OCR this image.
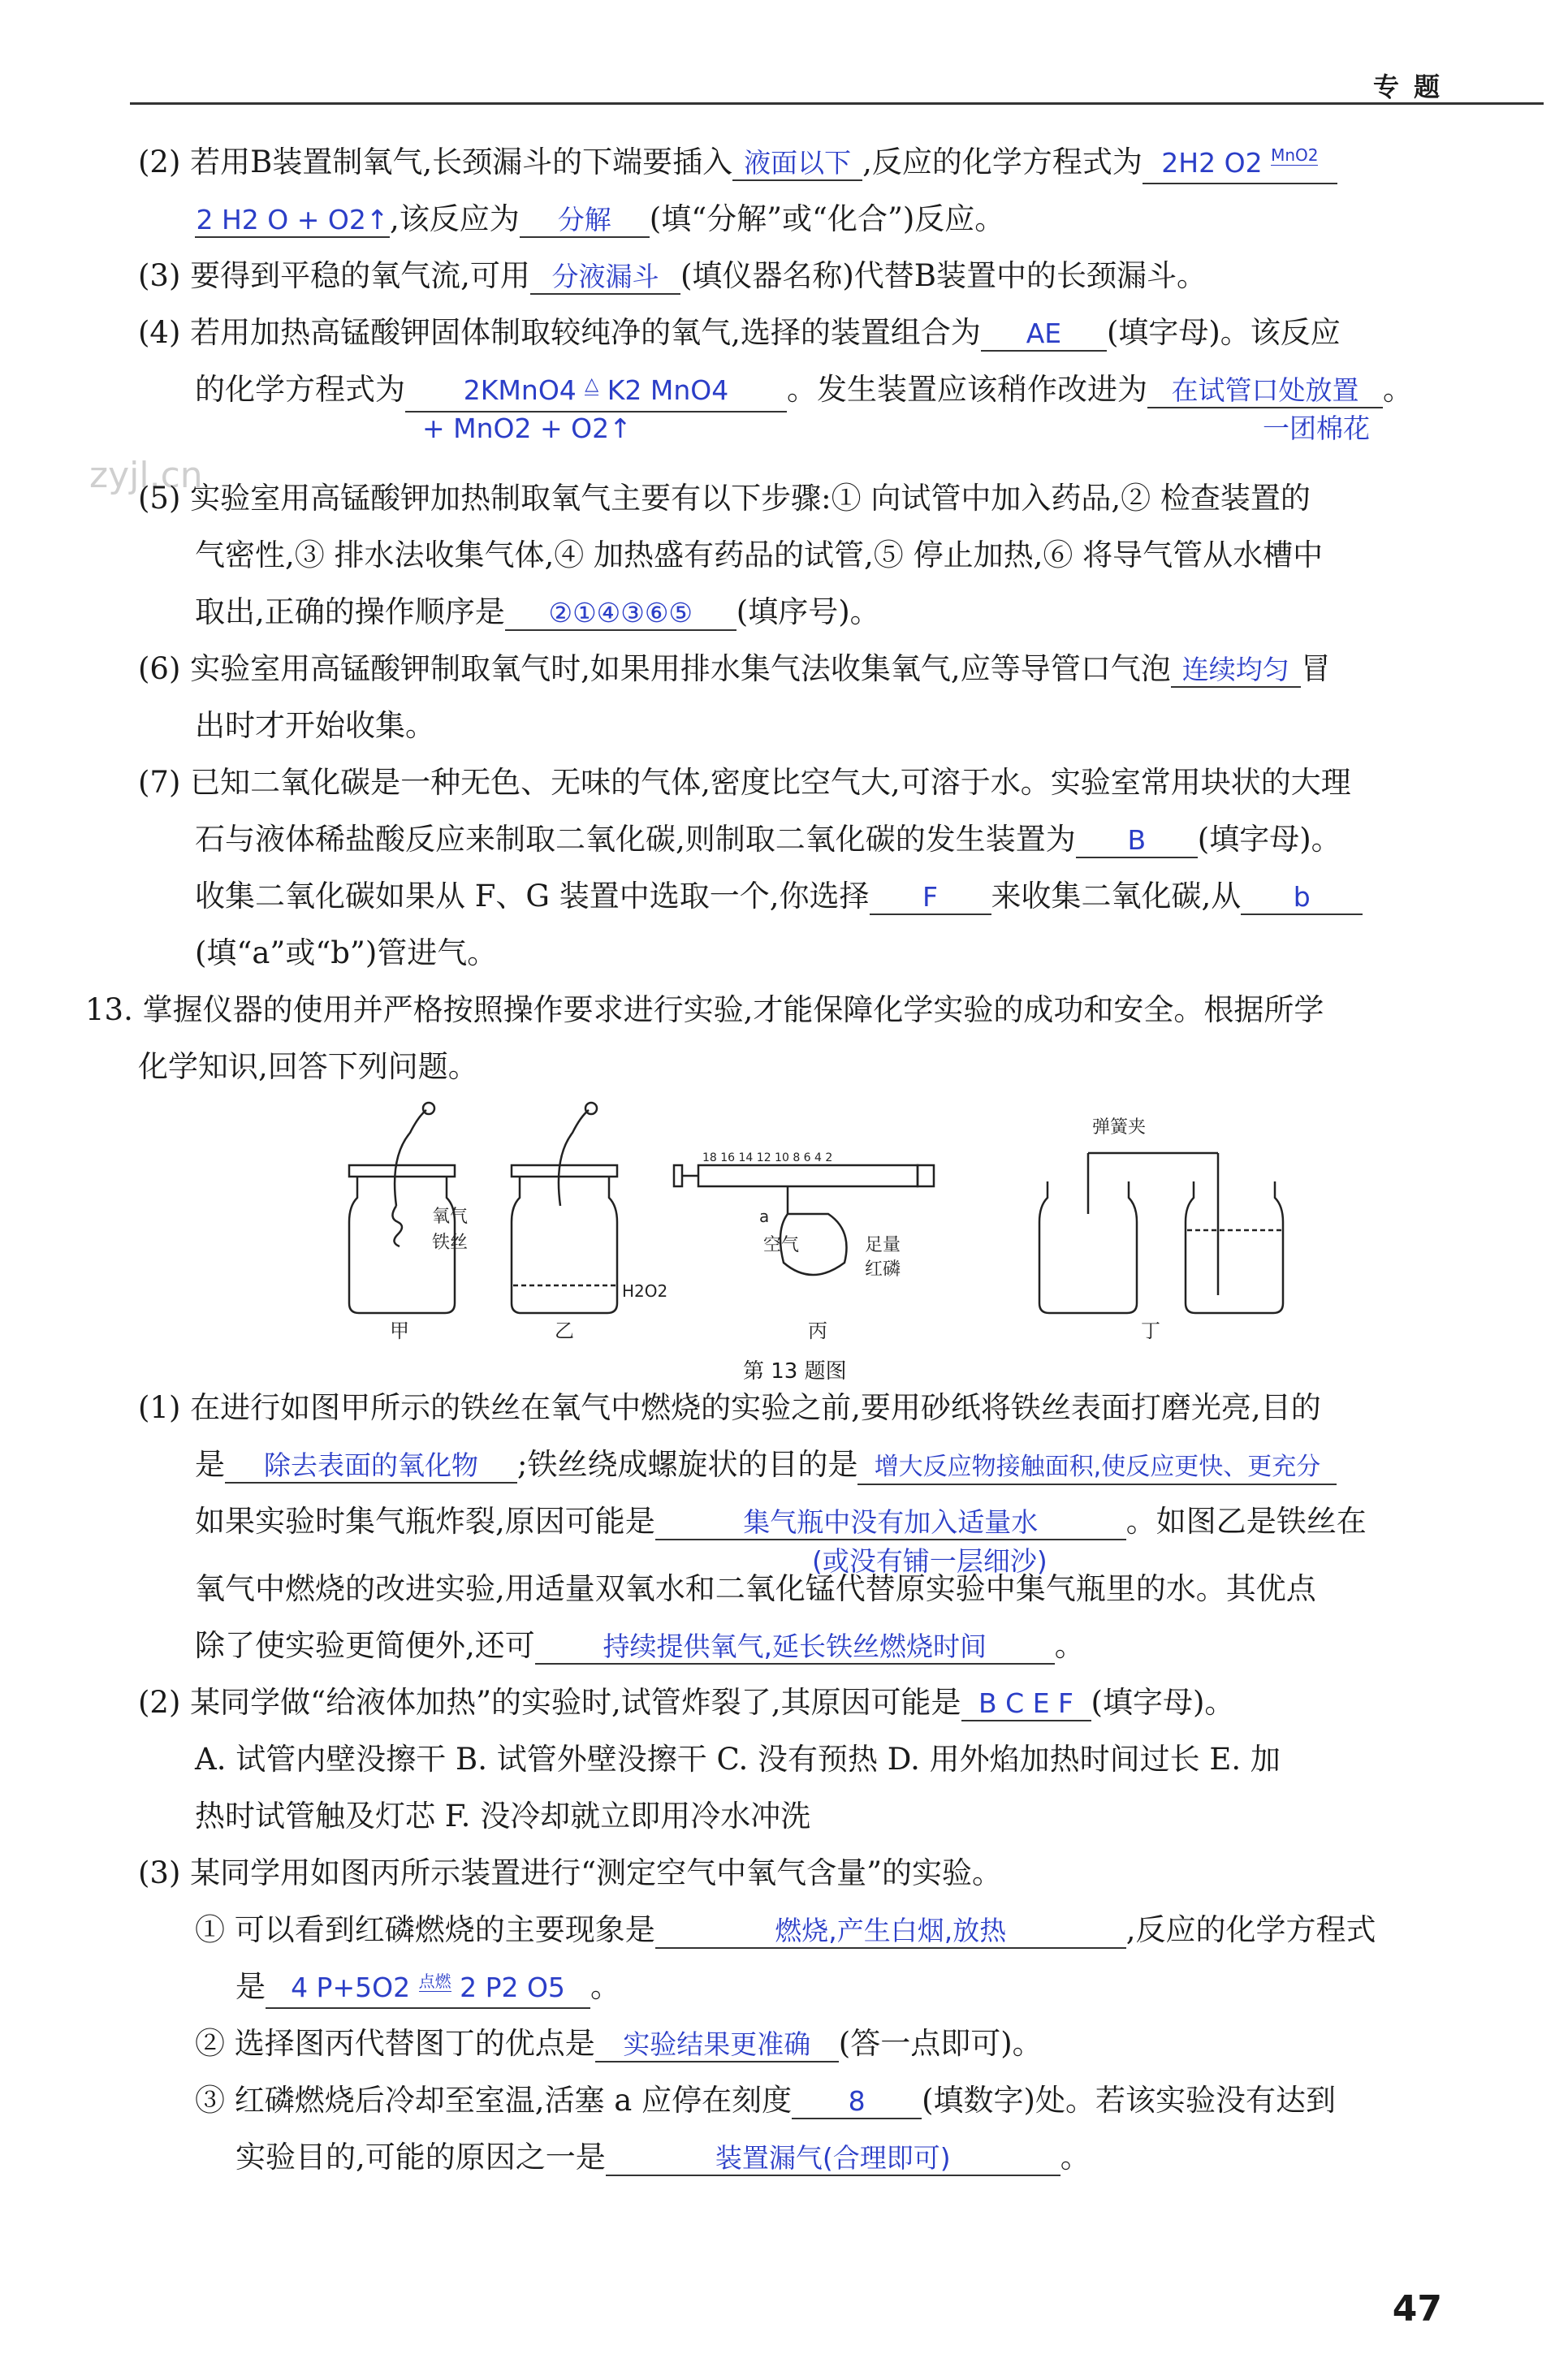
专题
zyjl.cn
(2) 若用B装置制氧气,长颈漏斗的下端要插入 液面以下 ,反应的化学方程式为 2H2 O2 $^{MnO2}$
2 H2 O + O2↑,该反应为 分解 (填“分解”或“化合”)反应。
(3) 要得到平稳的氧气流,可用 分液漏斗 (填仪器名称)代替B装置中的长颈漏斗。
(4) 若用加热高锰酸钾固体制取较纯净的氧气,选择的装置组合为 AE (填字母)。该反应
的化学方程式为 2KMnO4 △ K2 MnO4 。发生装置应该稍作改进为 在试管口处放置 。
+ MnO2 + O2↑	一团棉花
(5) 实验室用高锰酸钾加热制取氧气主要有以下步骤:① 向试管中加入药品,② 检查装置的
气密性,③ 排水法收集气体,④ 加热盛有药品的试管,⑤ 停止加热,⑥ 将导气管从水槽中
取出,正确的操作顺序是 ②①④③⑥⑤ (填序号)。
(6) 实验室用高锰酸钾制取氧气时,如果用排水集气法收集氧气,应等导管口气泡 连续均匀 冒
出时才开始收集。
(7) 已知二氧化碳是一种无色、无味的气体,密度比空气大,可溶于水。实验室常用块状的大理
石与液体稀盐酸反应来制取二氧化碳,则制取二氧化碳的发生装置为 B (填字母)。
收集二氧化碳如果从 F、G 装置中选取一个,你选择 F 来收集二氧化碳,从 b
(填“a”或“b”)管进气。
13. 掌握仪器的使用并严格按照操作要求进行实验,才能保障化学实验的成功和安全。根据所学
化学知识,回答下列问题。
氧气
铁丝
甲
H2O2
乙
18 16 14 12 10 8 6 4 2
a
空气	足量
红磷
丙
弹簧夹
丁
第 13 题图
(1) 在进行如图甲所示的铁丝在氧气中燃烧的实验之前,要用砂纸将铁丝表面打磨光亮,目的
是 除去表面的氧化物 ;铁丝绕成螺旋状的目的是 增大反应物接触面积,使反应更快、更充分
如果实验时集气瓶炸裂,原因可能是	集气瓶中没有加入适量水	。如图乙是铁丝在
(或没有铺一层细沙)
氧气中燃烧的改进实验,用适量双氧水和二氧化锰代替原实验中集气瓶里的水。其优点
除了使实验更简便外,还可	持续提供氧气,延长铁丝燃烧时间 。
(2) 某同学做“给液体加热”的实验时,试管炸裂了,其原因可能是 B C E F (填字母)。
A. 试管内壁没擦干 B. 试管外壁没擦干 C. 没有预热 D. 用外焰加热时间过长 E. 加
热时试管触及灯芯 F. 没冷却就立即用冷水冲洗
(3) 某同学用如图丙所示装置进行“测定空气中氧气含量”的实验。
① 可以看到红磷燃烧的主要现象是	燃烧,产生白烟,放热	,反应的化学方程式
是 4 P+5O2 $^{点燃}$ 2 P2 O5 。
② 选择图丙代替图丁的优点是 实验结果更准确 (答一点即可)。
③ 红磷燃烧后冷却至室温,活塞 a 应停在刻度 8 (填数字)处。若该实验没有达到
实验目的,可能的原因之一是	装置漏气(合理即可)	。
47
